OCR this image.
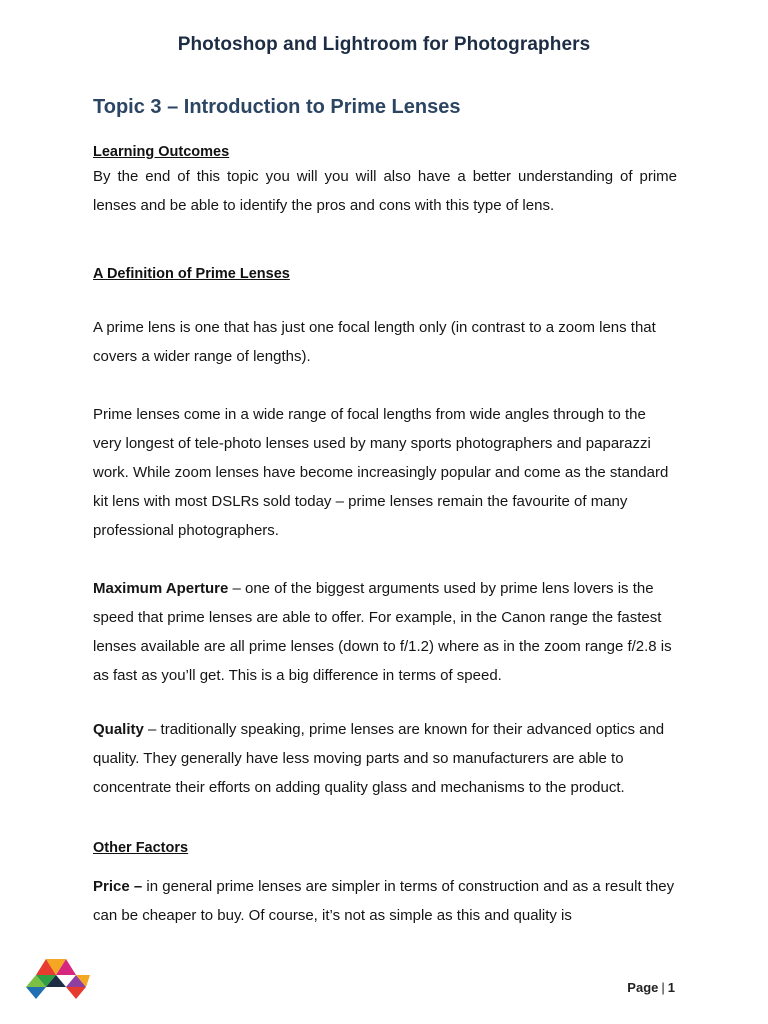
Photoshop and Lightroom for Photographers
Topic 3 – Introduction to Prime Lenses
Learning Outcomes

By the end of this topic you will you will also have a better understanding of prime lenses and be able to identify the pros and cons with this type of lens.

A Definition of Prime Lenses

A prime lens is one that has just one focal length only (in contrast to a zoom lens that covers a wider range of lengths).

Prime lenses come in a wide range of focal lengths from wide angles through to the very longest of tele-photo lenses used by many sports photographers and paparazzi work. While zoom lenses have become increasingly popular and come as the standard kit lens with most DSLRs sold today – prime lenses remain the favourite of many professional photographers.

Maximum Aperture – one of the biggest arguments used by prime lens lovers is the speed that prime lenses are able to offer. For example, in the Canon range the fastest lenses available are all prime lenses (down to f/1.2) where as in the zoom range f/2.8 is as fast as you’ll get. This is a big difference in terms of speed.

Quality – traditionally speaking, prime lenses are known for their advanced optics and quality. They generally have less moving parts and so manufacturers are able to concentrate their efforts on adding quality glass and mechanisms to the product.

Other Factors

Price – in general prime lenses are simpler in terms of construction and as a result they can be cheaper to buy. Of course, it’s not as simple as this and quality is

Page | 1
